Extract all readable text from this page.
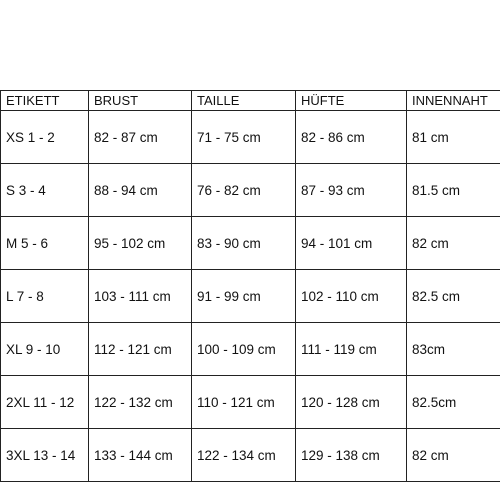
ETIKETT	BRUST	TAILLE	HÜFTE	INNENNAHT
XS 1 - 2	82 - 87 cm	71 - 75 cm	82 - 86 cm	81 cm
S 3 - 4	88 - 94 cm	76 - 82 cm	87 - 93 cm	81.5 cm
M 5 - 6	95 - 102 cm	83 - 90 cm	94 - 101 cm	82 cm
L 7 - 8	103 - 111 cm	91 - 99 cm	102 - 110 cm	82.5 cm
XL 9 - 10	112 - 121 cm	100 - 109 cm	111 - 119 cm	83cm
2XL 11 - 12	122 - 132 cm	110 - 121 cm	120 - 128 cm	82.5cm
3XL 13 - 14	133 - 144 cm	122 - 134 cm	129 - 138 cm	82 cm
